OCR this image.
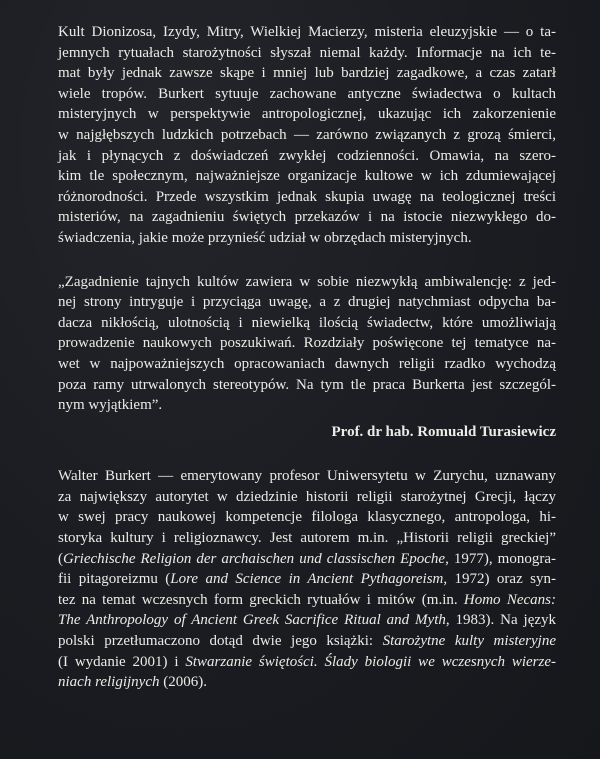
Kult Dionizosa, Izydy, Mitry, Wielkiej Macierzy, misteria eleuzyjskie — o ta-
jemnych rytuałach starożytności słyszał niemal każdy. Informacje na ich te-
mat były jednak zawsze skąpe i mniej lub bardziej zagadkowe, a czas zatarł
wiele tropów. Burkert sytuuje zachowane antyczne świadectwa o kultach
misteryjnych w perspektywie antropologicznej, ukazując ich zakorzenienie
w najgłębszych ludzkich potrzebach — zarówno związanych z grozą śmierci,
jak i płynących z doświadczeń zwykłej codzienności. Omawia, na szero-
kim tle społecznym, najważniejsze organizacje kultowe w ich zdumiewającej
różnorodności. Przede wszystkim jednak skupia uwagę na teologicznej treści
misteriów, na zagadnieniu świętych przekazów i na istocie niezwykłego do-
świadczenia, jakie może przynieść udział w obrzędach misteryjnych.

„Zagadnienie tajnych kultów zawiera w sobie niezwykłą ambiwalencję: z jed-
nej strony intryguje i przyciąga uwagę, a z drugiej natychmiast odpycha ba-
dacza nikłością, ulotnością i niewielką ilością świadectw, które umożliwiają
prowadzenie naukowych poszukiwań. Rozdziały poświęcone tej tematyce na-
wet w najpoważniejszych opracowaniach dawnych religii rzadko wychodzą
poza ramy utrwalonych stereotypów. Na tym tle praca Burkerta jest szczegól-
nym wyjątkiem”.

Prof. dr hab. Romuald Turasiewicz

Walter Burkert — emerytowany profesor Uniwersytetu w Zurychu, uznawany
za największy autorytet w dziedzinie historii religii starożytnej Grecji, łączy
w swej pracy naukowej kompetencje filologa klasycznego, antropologa, hi-
storyka kultury i religioznawcy. Jest autorem m.in. „Historii religii greckiej”
(Griechische Religion der archaischen und classischen Epoche, 1977), monogra-
fii pitagoreizmu (Lore and Science in Ancient Pythagoreism, 1972) oraz syn-
tez na temat wczesnych form greckich rytuałów i mitów (m.in. Homo Necans:
The Anthropology of Ancient Greek Sacrifice Ritual and Myth, 1983). Na język
polski przetłumaczono dotąd dwie jego książki: Starożytne kulty misteryjne
(I wydanie 2001) i Stwarzanie świętości. Ślady biologii we wczesnych wierze-
niach religijnych (2006).
